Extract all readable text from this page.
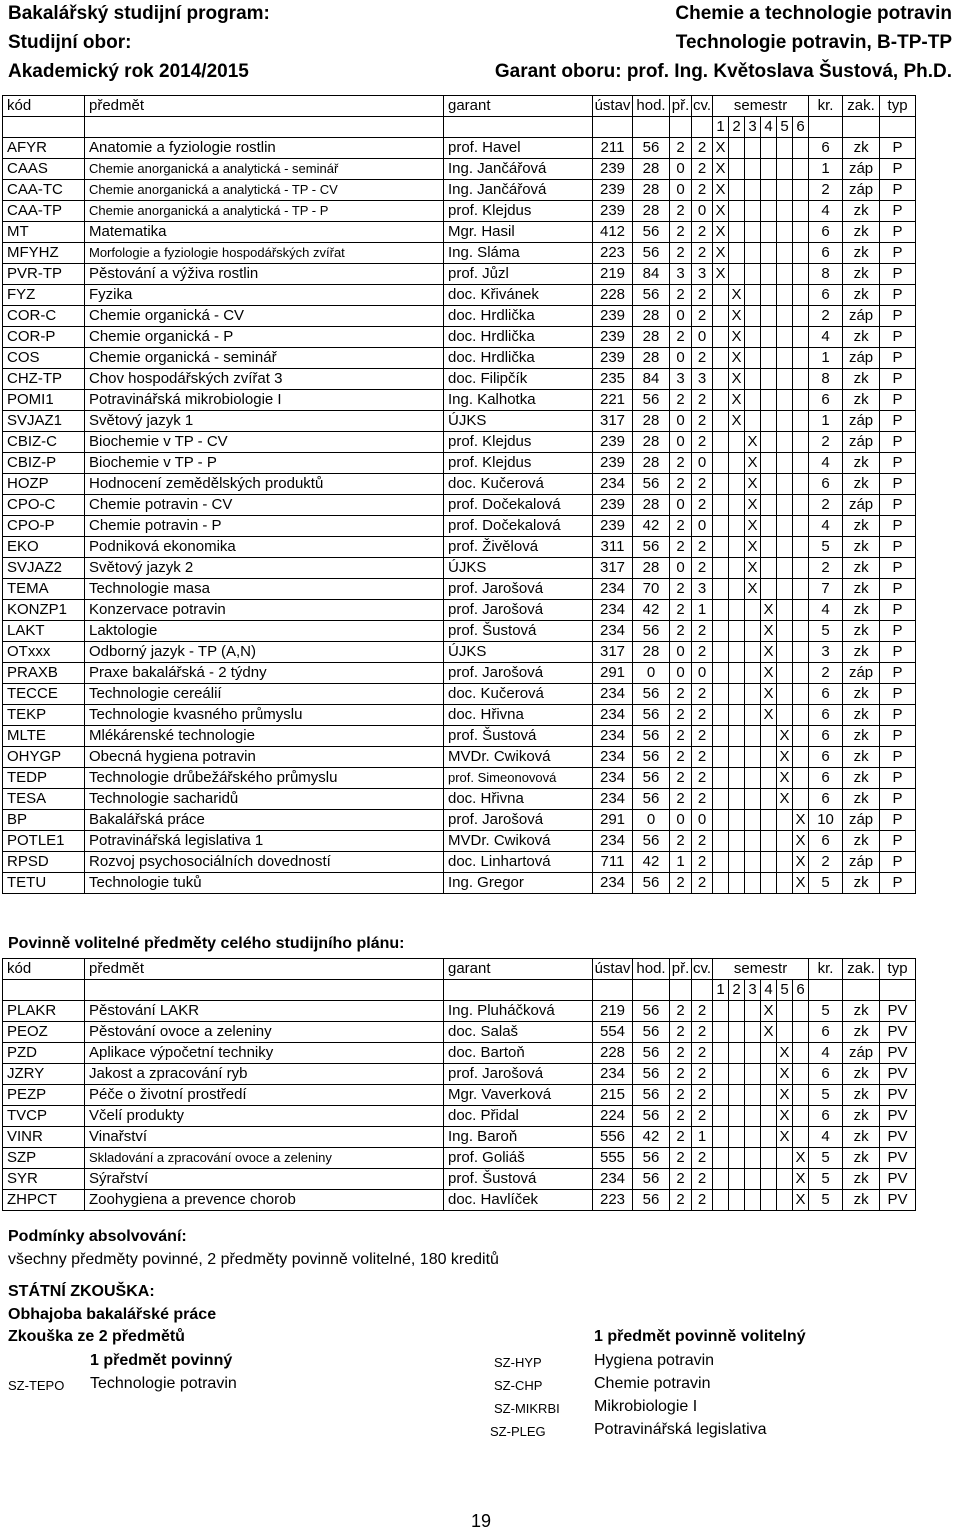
Bakalářský studijní program:	Chemie a technologie potravin
Studijní obor:	Technologie potravin, B-TP-TP
Akademický rok 2014/2015	Garant oboru: prof. Ing. Květoslava Šustová, Ph.D.
kód	předmět	garant	ústav	hod.	př.	cv.	semestr						kr.	zak.	typ
							1	2	3	4	5	6			
AFYR	Anatomie a fyziologie rostlin	prof. Havel	211	56	2	2	X						6	zk	P
CAAS	Chemie anorganická a analytická - seminář	Ing. Jančářová	239	28	0	2	X						1	záp	P
CAA-TC	Chemie anorganická a analytická - TP - CV	Ing. Jančářová	239	28	0	2	X						2	záp	P
CAA-TP	Chemie anorganická a analytická - TP - P	prof. Klejdus	239	28	2	0	X						4	zk	P
MT	Matematika	Mgr. Hasil	412	56	2	2	X						6	zk	P
MFYHZ	Morfologie a fyziologie hospodářských zvířat	Ing. Sláma	223	56	2	2	X						6	zk	P
PVR-TP	Pěstování a výživa rostlin	prof. Jůzl	219	84	3	3	X						8	zk	P
FYZ	Fyzika	doc. Křivánek	228	56	2	2		X					6	zk	P
COR-C	Chemie organická - CV	doc. Hrdlička	239	28	0	2		X					2	záp	P
COR-P	Chemie organická - P	doc. Hrdlička	239	28	2	0		X					4	zk	P
COS	Chemie organická - seminář	doc. Hrdlička	239	28	0	2		X					1	záp	P
CHZ-TP	Chov hospodářských zvířat 3	doc. Filipčík	235	84	3	3		X					8	zk	P
POMI1	Potravinářská mikrobiologie I	Ing. Kalhotka	221	56	2	2		X					6	zk	P
SVJAZ1	Světový jazyk 1	ÚJKS	317	28	0	2		X					1	záp	P
CBIZ-C	Biochemie v TP - CV	prof. Klejdus	239	28	0	2			X				2	záp	P
CBIZ-P	Biochemie v TP - P	prof. Klejdus	239	28	2	0			X				4	zk	P
HOZP	Hodnocení zemědělských produktů	doc. Kučerová	234	56	2	2			X				6	zk	P
CPO-C	Chemie potravin - CV	prof. Dočekalová	239	28	0	2			X				2	záp	P
CPO-P	Chemie potravin - P	prof. Dočekalová	239	42	2	0			X				4	zk	P
EKO	Podniková ekonomika	prof. Živělová	311	56	2	2			X				5	zk	P
SVJAZ2	Světový jazyk 2	ÚJKS	317	28	0	2			X				2	zk	P
TEMA	Technologie masa	prof. Jarošová	234	70	2	3			X				7	zk	P
KONZP1	Konzervace potravin	prof. Jarošová	234	42	2	1				X			4	zk	P
LAKT	Laktologie	prof. Šustová	234	56	2	2				X			5	zk	P
OTxxx	Odborný jazyk - TP (A,N)	ÚJKS	317	28	0	2				X			3	zk	P
PRAXB	Praxe bakalářská - 2 týdny	prof. Jarošová	291	0	0	0				X			2	záp	P
TECCE	Technologie cereálií	doc. Kučerová	234	56	2	2				X			6	zk	P
TEKP	Technologie kvasného průmyslu	doc. Hřivna	234	56	2	2				X			6	zk	P
MLTE	Mlékárenské technologie	prof. Šustová	234	56	2	2					X		6	zk	P
OHYGP	Obecná hygiena potravin	MVDr. Cwiková	234	56	2	2					X		6	zk	P
TEDP	Technologie drůbežářského průmyslu	prof. Simeonovová	234	56	2	2					X		6	zk	P
TESA	Technologie sacharidů	doc. Hřivna	234	56	2	2					X		6	zk	P
BP	Bakalářská práce	prof. Jarošová	291	0	0	0						X	10	záp	P
POTLE1	Potravinářská legislativa 1	MVDr. Cwiková	234	56	2	2						X	6	zk	P
RPSD	Rozvoj psychosociálních dovedností	doc. Linhartová	711	42	1	2						X	2	záp	P
TETU	Technologie tuků	Ing. Gregor	234	56	2	2						X	5	zk	P
Povinně volitelné předměty celého studijního plánu:
kód	předmět	garant	ústav	hod.	př.	cv.	semestr						kr.	zak.	typ
							1	2	3	4	5	6			
PLAKR	Pěstování LAKR	Ing. Pluháčková	219	56	2	2				X			5	zk	PV
PEOZ	Pěstování ovoce a zeleniny	doc. Salaš	554	56	2	2				X			6	zk	PV
PZD	Aplikace výpočetní techniky	doc. Bartoň	228	56	2	2					X		4	záp	PV
JZRY	Jakost a zpracování ryb	prof. Jarošová	234	56	2	2					X		6	zk	PV
PEZP	Péče o životní prostředí	Mgr. Vaverková	215	56	2	2					X		5	zk	PV
TVCP	Včelí produkty	doc. Přidal	224	56	2	2					X		6	zk	PV
VINR	Vinařství	Ing. Baroň	556	42	2	1					X		4	zk	PV
SZP	Skladování a zpracování ovoce a zeleniny	prof. Goliáš	555	56	2	2						X	5	zk	PV
SYR	Sýrařství	prof. Šustová	234	56	2	2						X	5	zk	PV
ZHPCT	Zoohygiena a prevence chorob	doc. Havlíček	223	56	2	2						X	5	zk	PV
Podmínky absolvování:
všechny předměty povinné, 2 předměty povinně volitelné, 180 kreditů
STÁTNÍ ZKOUŠKA:
Obhajoba bakalářské práce
Zkouška ze 2 předmětů	1 předmět povinně volitelný
1 předmět povinný
SZ-TEPO Technologie potravin
SZ-HYP	Hygiena potravin
SZ-CHP	Chemie potravin
SZ-MIKRBI Mikrobiologie I
SZ-PLEG	Potravinářská legislativa
19
